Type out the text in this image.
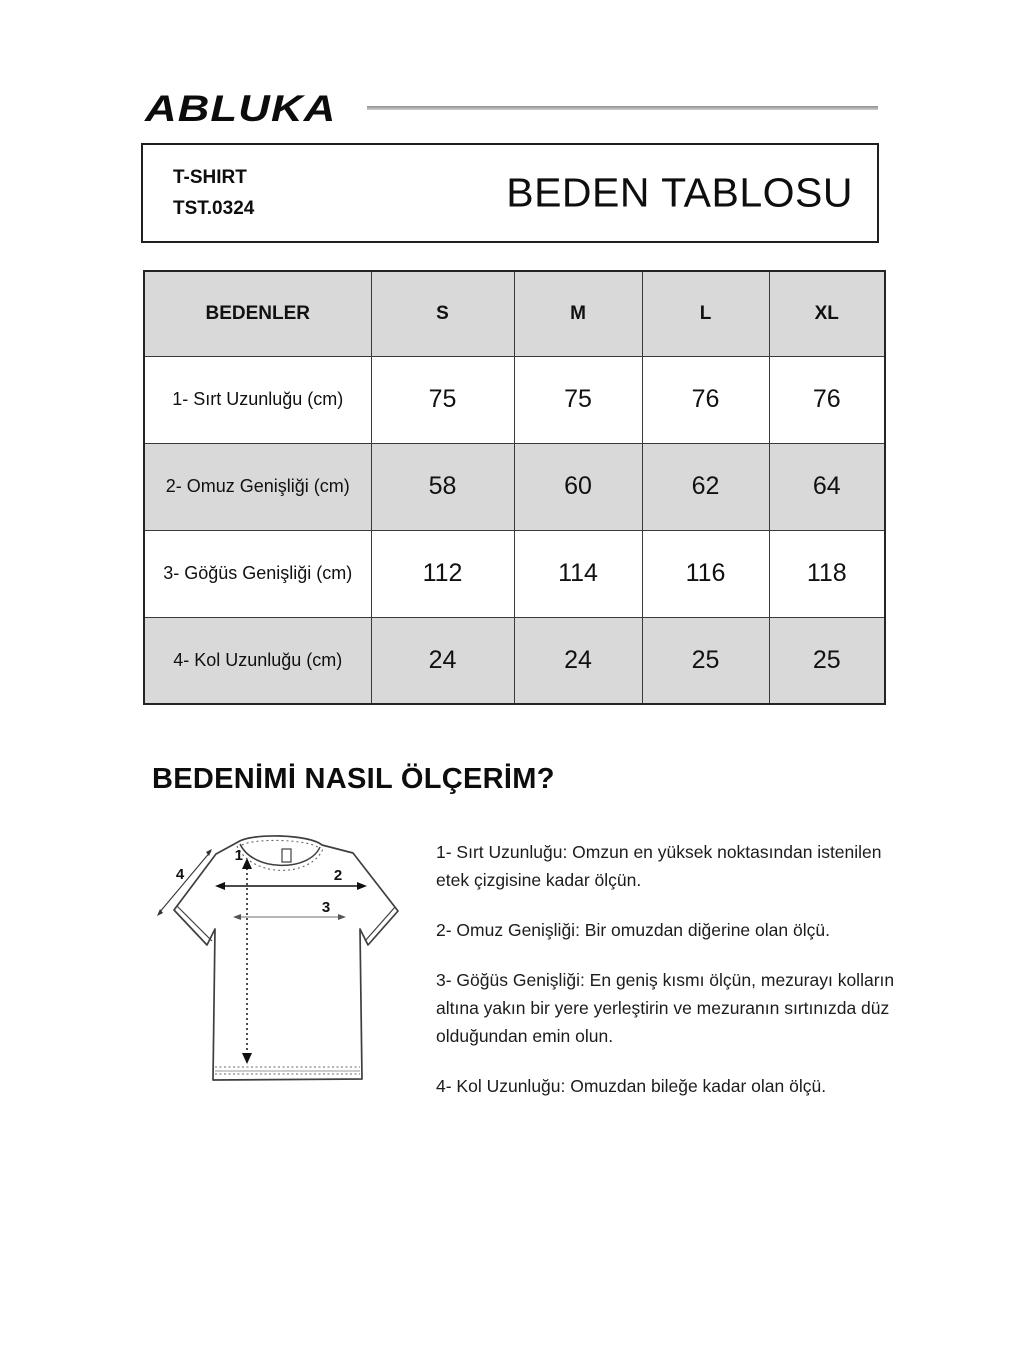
ABLUKA
T-SHIRT
TST.0324	BEDEN TABLOSU
BEDENLER	S	M	L	XL
1- Sırt Uzunluğu (cm)	75	75	76	76
2- Omuz Genişliği (cm)	58	60	62	64
3- Göğüs Genişliği (cm)	112	114	116	118
4- Kol Uzunluğu (cm)	24	24	25	25
BEDENİMİ NASIL ÖLÇERİM?
1
2
3
4

1- Sırt Uzunluğu: Omzun en yüksek noktasından istenilen etek çizgisine kadar ölçün.

2- Omuz Genişliği: Bir omuzdan diğerine olan ölçü.

3- Göğüs Genişliği: En geniş kısmı ölçün, mezurayı kolların altına yakın bir yere yerleştirin ve mezuranın sırtınızda düz olduğundan emin olun.

4- Kol Uzunluğu: Omuzdan bileğe kadar olan ölçü.
